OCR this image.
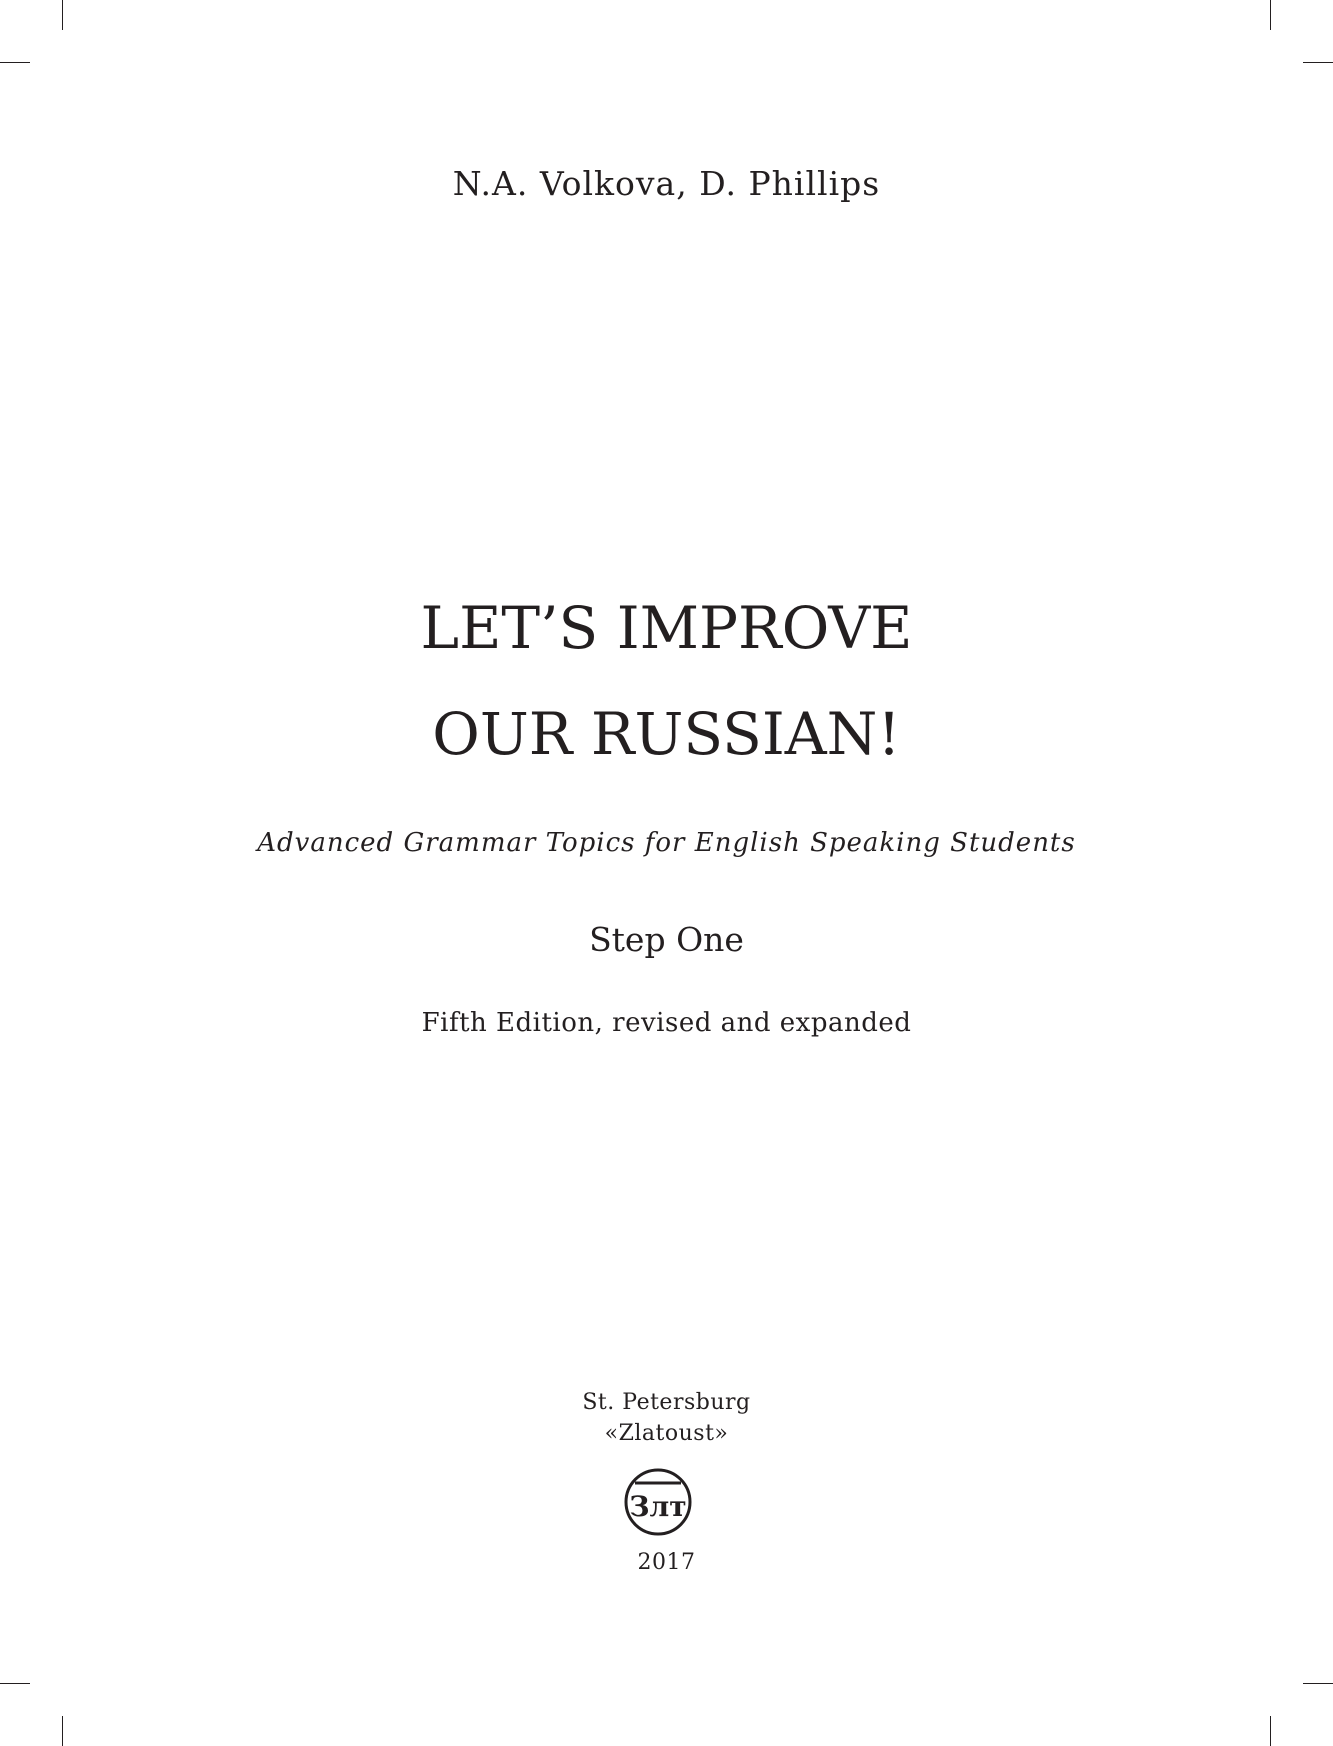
N.A. Volkova, D. Phillips
LET’S IMPROVE
OUR RUSSIAN!
Advanced Grammar Topics for English Speaking Students
Step One
Fifth Edition, revised and expanded
St. Petersburg
«Zlatoust»
Злт
2017
